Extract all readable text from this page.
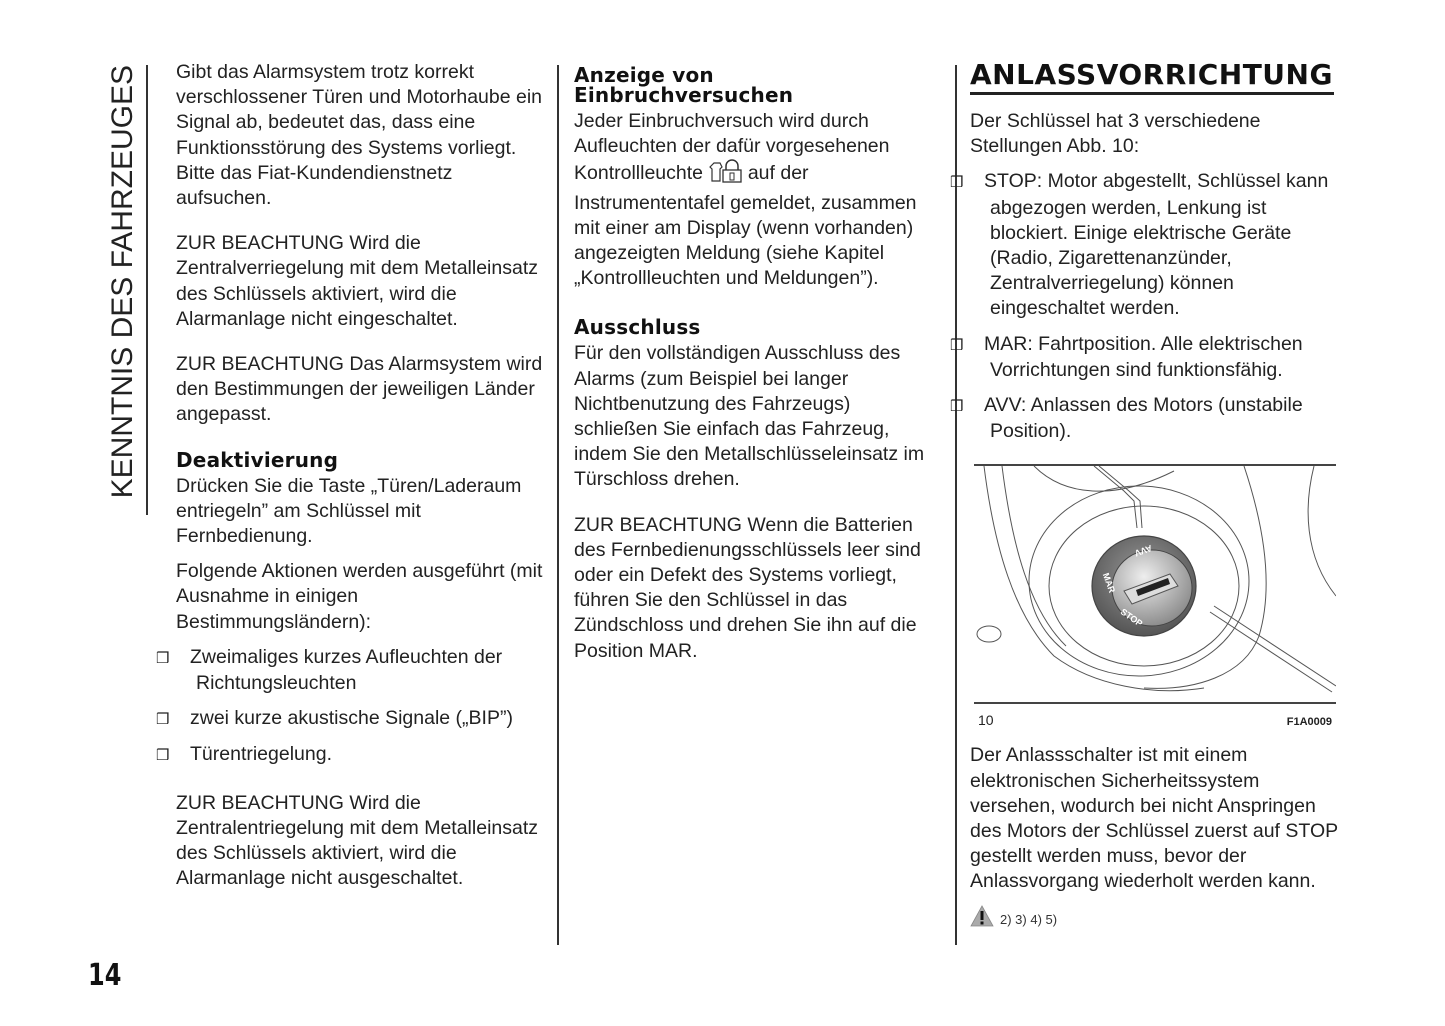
KENNTNIS DES FAHRZEUGES Gibt das Alarmsystem trotz korrekt verschlossener Türen und Motorhaube ein Signal ab, bedeutet das, dass eine Funktionsstörung des Systems vorliegt. Bitte das Fiat-Kundendienstnetz aufsuchen.

ZUR BEACHTUNG Wird die Zentralverriegelung mit dem Metalleinsatz des Schlüssels aktiviert, wird die Alarmanlage nicht eingeschaltet.

ZUR BEACHTUNG Das Alarmsystem wird den Bestimmungen der jeweiligen Länder angepasst.

Deaktivierung

Drücken Sie die Taste „Türen/Laderaum entriegeln” am Schlüssel mit Fernbedienung.

Folgende Aktionen werden ausgeführt (mit Ausnahme in einigen Bestimmungsländern):

❒ Zweimaliges kurzes Aufleuchten der Richtungsleuchten
❒ zwei kurze akustische Signale („BIP”)
❒ Türentriegelung.

ZUR BEACHTUNG Wird die Zentralentriegelung mit dem Metalleinsatz des Schlüssels aktiviert, wird die Alarmanlage nicht ausgeschaltet.

Anzeige von
Einbruchversuchen

Jeder Einbruchversuch wird durch Aufleuchten der dafür vorgesehenen Kontrollleuchte  auf der Instrumententafel gemeldet, zusammen mit einer am Display (wenn vorhanden) angezeigten Meldung (siehe Kapitel „Kontrollleuchten und Meldungen”).

Ausschluss

Für den vollständigen Ausschluss des Alarms (zum Beispiel bei langer Nichtbenutzung des Fahrzeugs) schließen Sie einfach das Fahrzeug, indem Sie den Metallschlüsseleinsatz im Türschloss drehen.

ZUR BEACHTUNG Wenn die Batterien des Fernbedienungsschlüssels leer sind oder ein Defekt des Systems vorliegt, führen Sie den Schlüssel in das Zündschloss und drehen Sie ihn auf die Position MAR.

ANLASSVORRICHTUNG

Der Schlüssel hat 3 verschiedene Stellungen Abb. 10:

❒ STOP: Motor abgestellt, Schlüssel kann abgezogen werden, Lenkung ist blockiert. Einige elektrische Geräte (Radio, Zigarettenanzünder, Zentralverriegelung) können eingeschaltet werden.
❒ MAR: Fahrtposition. Alle elektrischen Vorrichtungen sind funktionsfähig.
❒ AVV: Anlassen des Motors (unstabile Position).
AVV
MAR
STOP
10	F1A0009

Der Anlassschalter ist mit einem elektronischen Sicherheitssystem versehen, wodurch bei nicht Anspringen des Motors der Schlüssel zuerst auf STOP gestellt werden muss, bevor der Anlassvorgang wiederholt werden kann.

2) 3) 4) 5)
14
